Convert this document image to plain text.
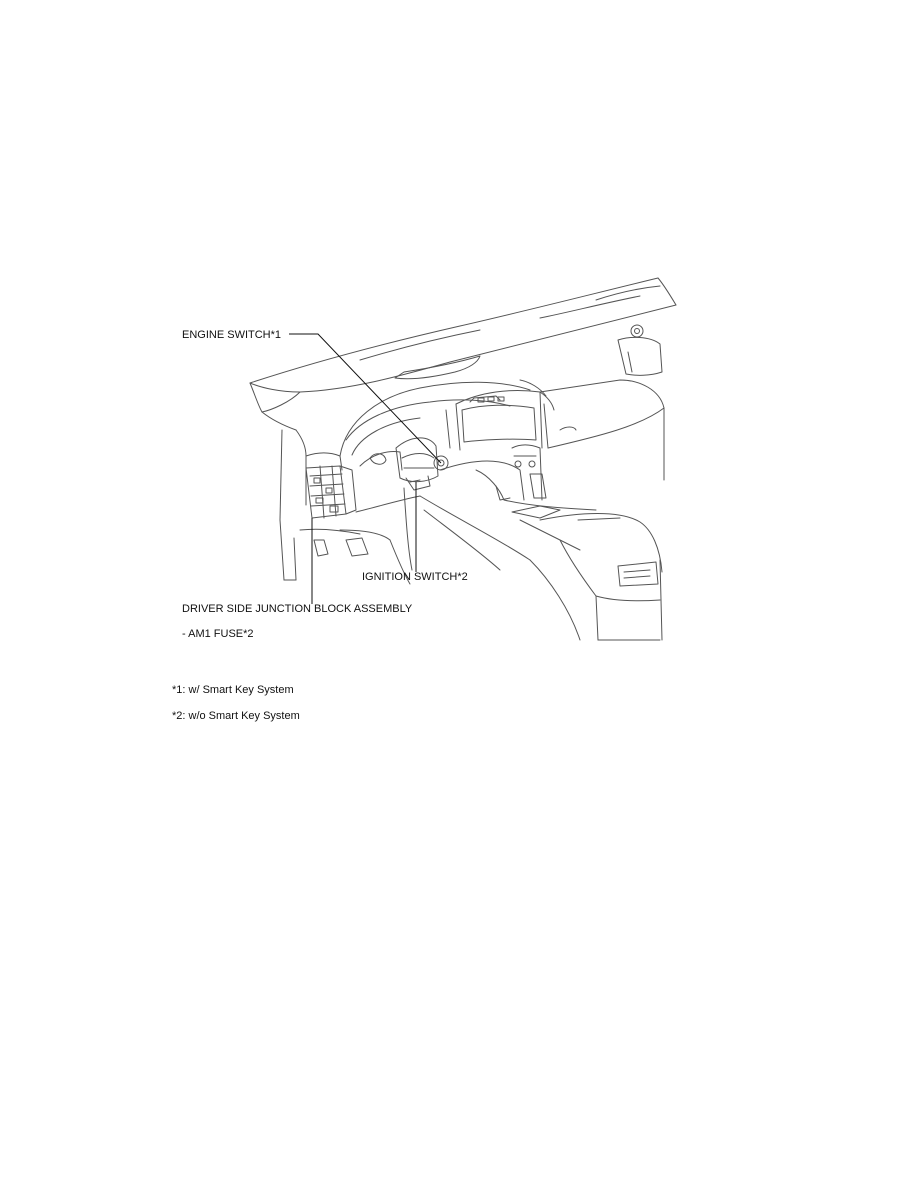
ENGINE SWITCH*1
IGNITION SWITCH*2
DRIVER SIDE JUNCTION BLOCK ASSEMBLY
- AM1 FUSE*2
*1: w/ Smart Key System
*2: w/o Smart Key System
